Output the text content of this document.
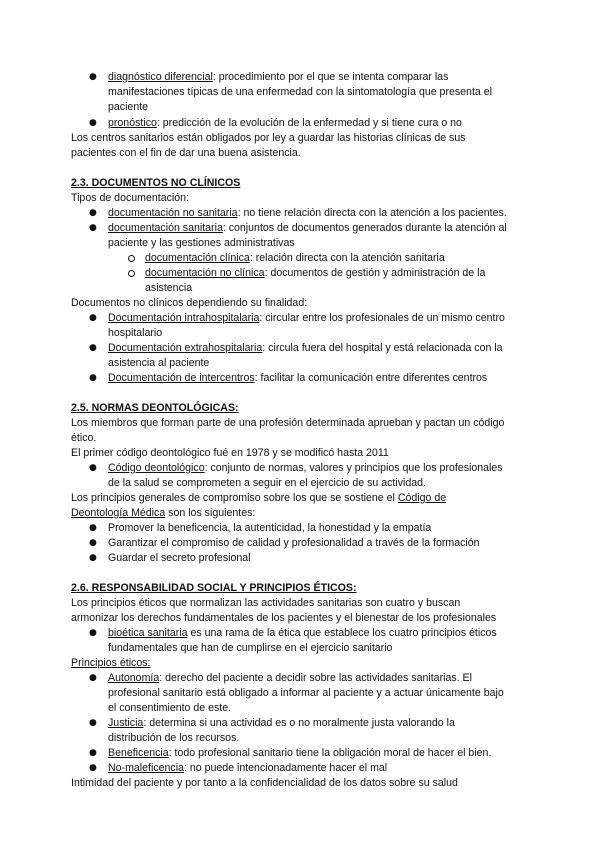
● diagnóstico diferencial: procedimiento por el que se intenta comparar las

manifestaciones típicas de una enfermedad con la sintomatología que presenta el

paciente

● pronóstico: predicción de la evolución de la enfermedad y si tiene cura o no

Los centros sanitarios están obligados por ley a guardar las historias clínicas de sus

pacientes con el fin de dar una buena asistencia.

2.3. DOCUMENTOS NO CLÍNICOS

Tipos de documentación:

● documentación no sanitaria: no tiene relación directa con la atención a los pacientes.

● documentación sanitaria: conjuntos de documentos generados durante la atención al

paciente y las gestiones administrativas

documentación clínica: relación directa con la atención sanitaria

documentación no clínica: documentos de gestión y administración de la

asistencia

Documentos no clínicos dependiendo su finalidad:

● Documentación intrahospitalaria: circular entre los profesionales de un mismo centro

hospitalario

● Documentación extrahospitalaria: circula fuera del hospital y está relacionada con la

asistencia al paciente

● Documentación de intercentros: facilitar la comunicación entre diferentes centros

2.5. NORMAS DEONTOLÓGICAS:

Los miembros que forman parte de una profesión determinada aprueban y pactan un código

ético.

El primer código deontológico fué en 1978 y se modificó hasta 2011

● Código deontológico: conjunto de normas, valores y principios que los profesionales

de la salud se comprometen a seguir en el ejercicio de su actividad.

Los principios generales de compromiso sobre los que se sostiene el Código de

Deontología Médica son los siguientes:

● Promover la beneficencia, la autenticidad, la honestidad y la empatía

● Garantizar el compromiso de calidad y profesionalidad a través de la formación

● Guardar el secreto profesional

2.6. RESPONSABILIDAD SOCIAL Y PRINCIPIOS ÉTICOS:

Los principios éticos que normalizan las actividades sanitarias son cuatro y buscan

armonizar los derechos fundamentales de los pacientes y el bienestar de los profesionales

● bioética sanitaria es una rama de la ética que establece los cuatro principios éticos

fundamentales que han de cumplirse en el ejercicio sanitario

Principios éticos:

● Autonomía: derecho del paciente a decidir sobre las actividades sanitarias. El

profesional sanitario está obligado a informar al paciente y a actuar únicamente bajo

el consentimiento de este.

● Justicia: determina si una actividad es o no moralmente justa valorando la

distribución de los recursos.

● Beneficencia: todo profesional sanitario tiene la obligación moral de hacer el bien.

● No-maleficencia: no puede intencionadamente hacer el mal

Intimidad del paciente y por tanto a la confidencialidad de los datos sobre su salud
